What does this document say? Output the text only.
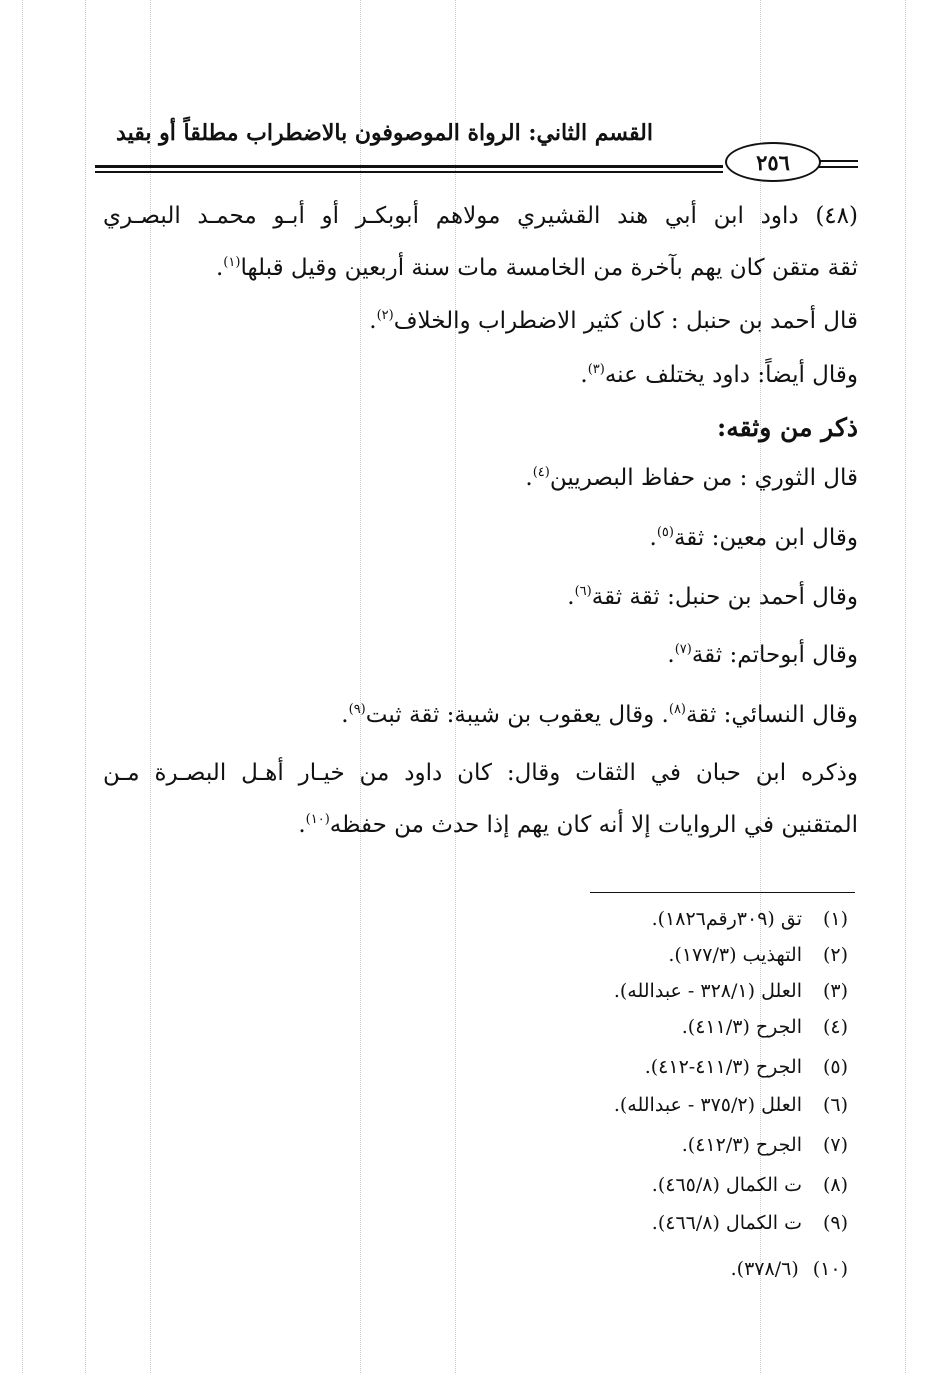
القسم الثاني: الرواة الموصوفون بالاضطراب مطلقاً أو بقيد
٢٥٦
(٤٨) داود ابن أبي هند القشيري مولاهم أبوبكـر أو أبـو محمـد البصـري
ثقة متقن كان يهم بآخرة من الخامسة مات سنة أربعين وقيل قبلها$^{(١)}$.
قال أحمد بن حنبل : كان كثير الاضطراب والخلاف$^{(٢)}$.
وقال أيضاً: داود يختلف عنه$^{(٣)}$.
ذكر من وثقه:
قال الثوري : من حفاظ البصريين$^{(٤)}$.
وقال ابن معين: ثقة$^{(٥)}$.
وقال أحمد بن حنبل: ثقة ثقة$^{(٦)}$.
وقال أبوحاتم: ثقة$^{(٧)}$.
وقال النسائي: ثقة$^{(٨)}$. وقال يعقوب بن شيبة: ثقة ثبت$^{(٩)}$.
وذكره ابن حبان في الثقات وقال: كان داود من خيـار أهـل البصـرة مـن
المتقنين في الروايات إلا أنه كان يهم إذا حدث من حفظه$^{(١٠)}$.
(١)
تق (٣٠٩رقم١٨٢٦).
(٢)
التهذيب (١٧٧/٣).
(٣)
العلل (٣٢٨/١ - عبدالله).
(٤)
الجرح (٤١١/٣).
(٥)
الجرح (٤١١/٣-٤١٢).
(٦)
العلل (٣٧٥/٢ - عبدالله).
(٧)
الجرح (٤١٢/٣).
(٨)
ت الكمال (٤٦٥/٨).
(٩)
ت الكمال (٤٦٦/٨).
(١٠)
(٣٧٨/٦).
